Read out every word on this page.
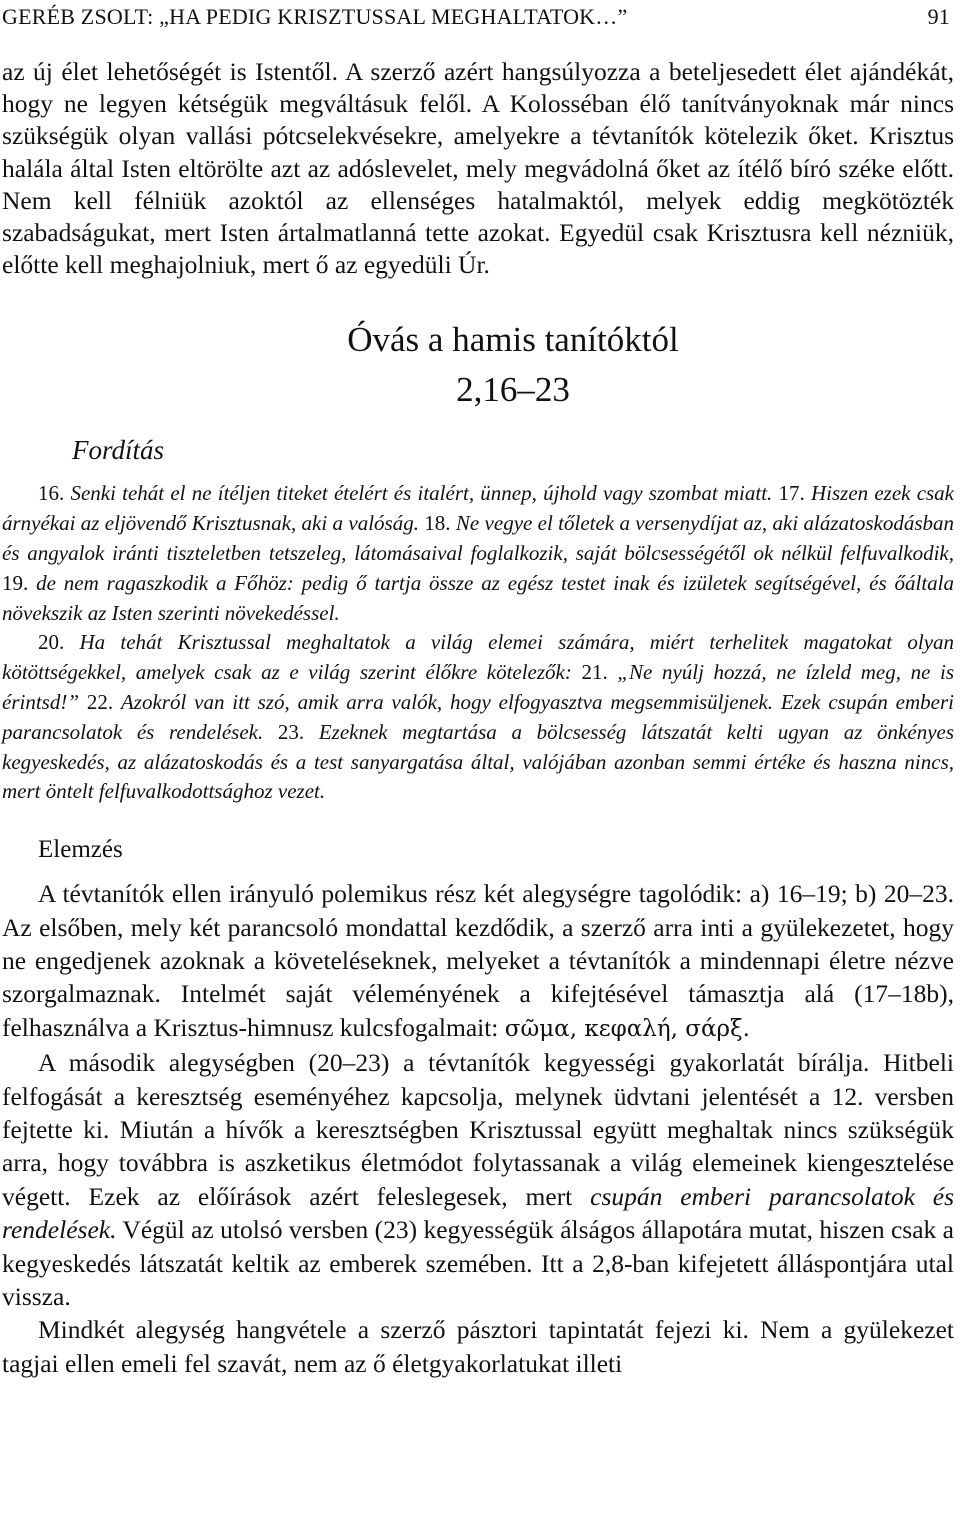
GERÉB ZSOLT: „HA PEDIG KRISZTUSSAL MEGHALTATOK…”	91

az új élet lehetőségét is Istentől. A szerző azért hangsúlyozza a beteljesedett élet ajándékát, hogy ne legyen kétségük megváltásuk felől. A Kolosséban élő tanítványoknak már nincs szükségük olyan vallási pótcselekvésekre, amelyekre a tévtanítók kötelezik őket. Krisztus halála által Isten eltörölte azt az adóslevelet, mely megvádolná őket az ítélő bíró széke előtt. Nem kell félniük azoktól az ellenséges hatalmaktól, melyek eddig megkötözték szabadságukat, mert Isten ártalmatlanná tette azokat. Egyedül csak Krisztusra kell nézniük, előtte kell meghajolniuk, mert ő az egyedüli Úr.

Óvás a hamis tanítóktól
2,16–23
Fordítás

16. Senki tehát el ne ítéljen titeket ételért és italért, ünnep, újhold vagy szombat miatt. 17. Hiszen ezek csak árnyékai az eljövendő Krisztusnak, aki a valóság. 18. Ne vegye el tőletek a versenydíjat az, aki alázatoskodásban és angyalok iránti tiszteletben tetszeleg, látomásaival foglalkozik, saját bölcsességétől ok nélkül felfuvalkodik, 19. de nem ragaszkodik a Főhöz: pedig ő tartja össze az egész testet inak és izületek segítségével, és őáltala növekszik az Isten szerinti növekedéssel.

20. Ha tehát Krisztussal meghaltatok a világ elemei számára, miért terhelitek magatokat olyan kötöttségekkel, amelyek csak az e világ szerint élőkre kötelezők: 21. „Ne nyúlj hozzá, ne ízleld meg, ne is érintsd!” 22. Azokról van itt szó, amik arra valók, hogy elfogyasztva megsemmisüljenek. Ezek csupán emberi parancsolatok és rendelések. 23. Ezeknek megtartása a bölcsesség látszatát kelti ugyan az önkényes kegyeskedés, az alázatoskodás és a test sanyargatása által, valójában azonban semmi értéke és haszna nincs, mert öntelt felfuvalkodottsághoz vezet.

Elemzés

A tévtanítók ellen irányuló polemikus rész két alegységre tagolódik: a) 16–19; b) 20–23. Az elsőben, mely két parancsoló mondattal kezdődik, a szerző arra inti a gyülekezetet, hogy ne engedjenek azoknak a követeléseknek, melyeket a tévtanítók a mindennapi életre nézve szorgalmaznak. Intelmét saját véleményének a kifejtésével támasztja alá (17–18b), felhasználva a Krisztus-himnusz kulcsfogalmait: σῶμα, κεφαλή, σάρξ.

A második alegységben (20–23) a tévtanítók kegyességi gyakorlatát bírálja. Hitbeli felfogását a keresztség eseményéhez kapcsolja, melynek üdvtani jelentését a 12. versben fejtette ki. Miután a hívők a keresztségben Krisztussal együtt meghaltak nincs szükségük arra, hogy továbbra is aszketikus életmódot folytassanak a világ elemeinek kiengesztelése végett. Ezek az előírások azért feleslegesek, mert csupán emberi parancsolatok és rendelések. Végül az utolsó versben (23) kegyességük álságos állapotára mutat, hiszen csak a kegyeskedés látszatát keltik az emberek szemében. Itt a 2,8-ban kifejetett álláspontjára utal vissza.

Mindkét alegység hangvétele a szerző pásztori tapintatát fejezi ki. Nem a gyülekezet tagjai ellen emeli fel szavát, nem az ő életgyakorlatukat illeti
